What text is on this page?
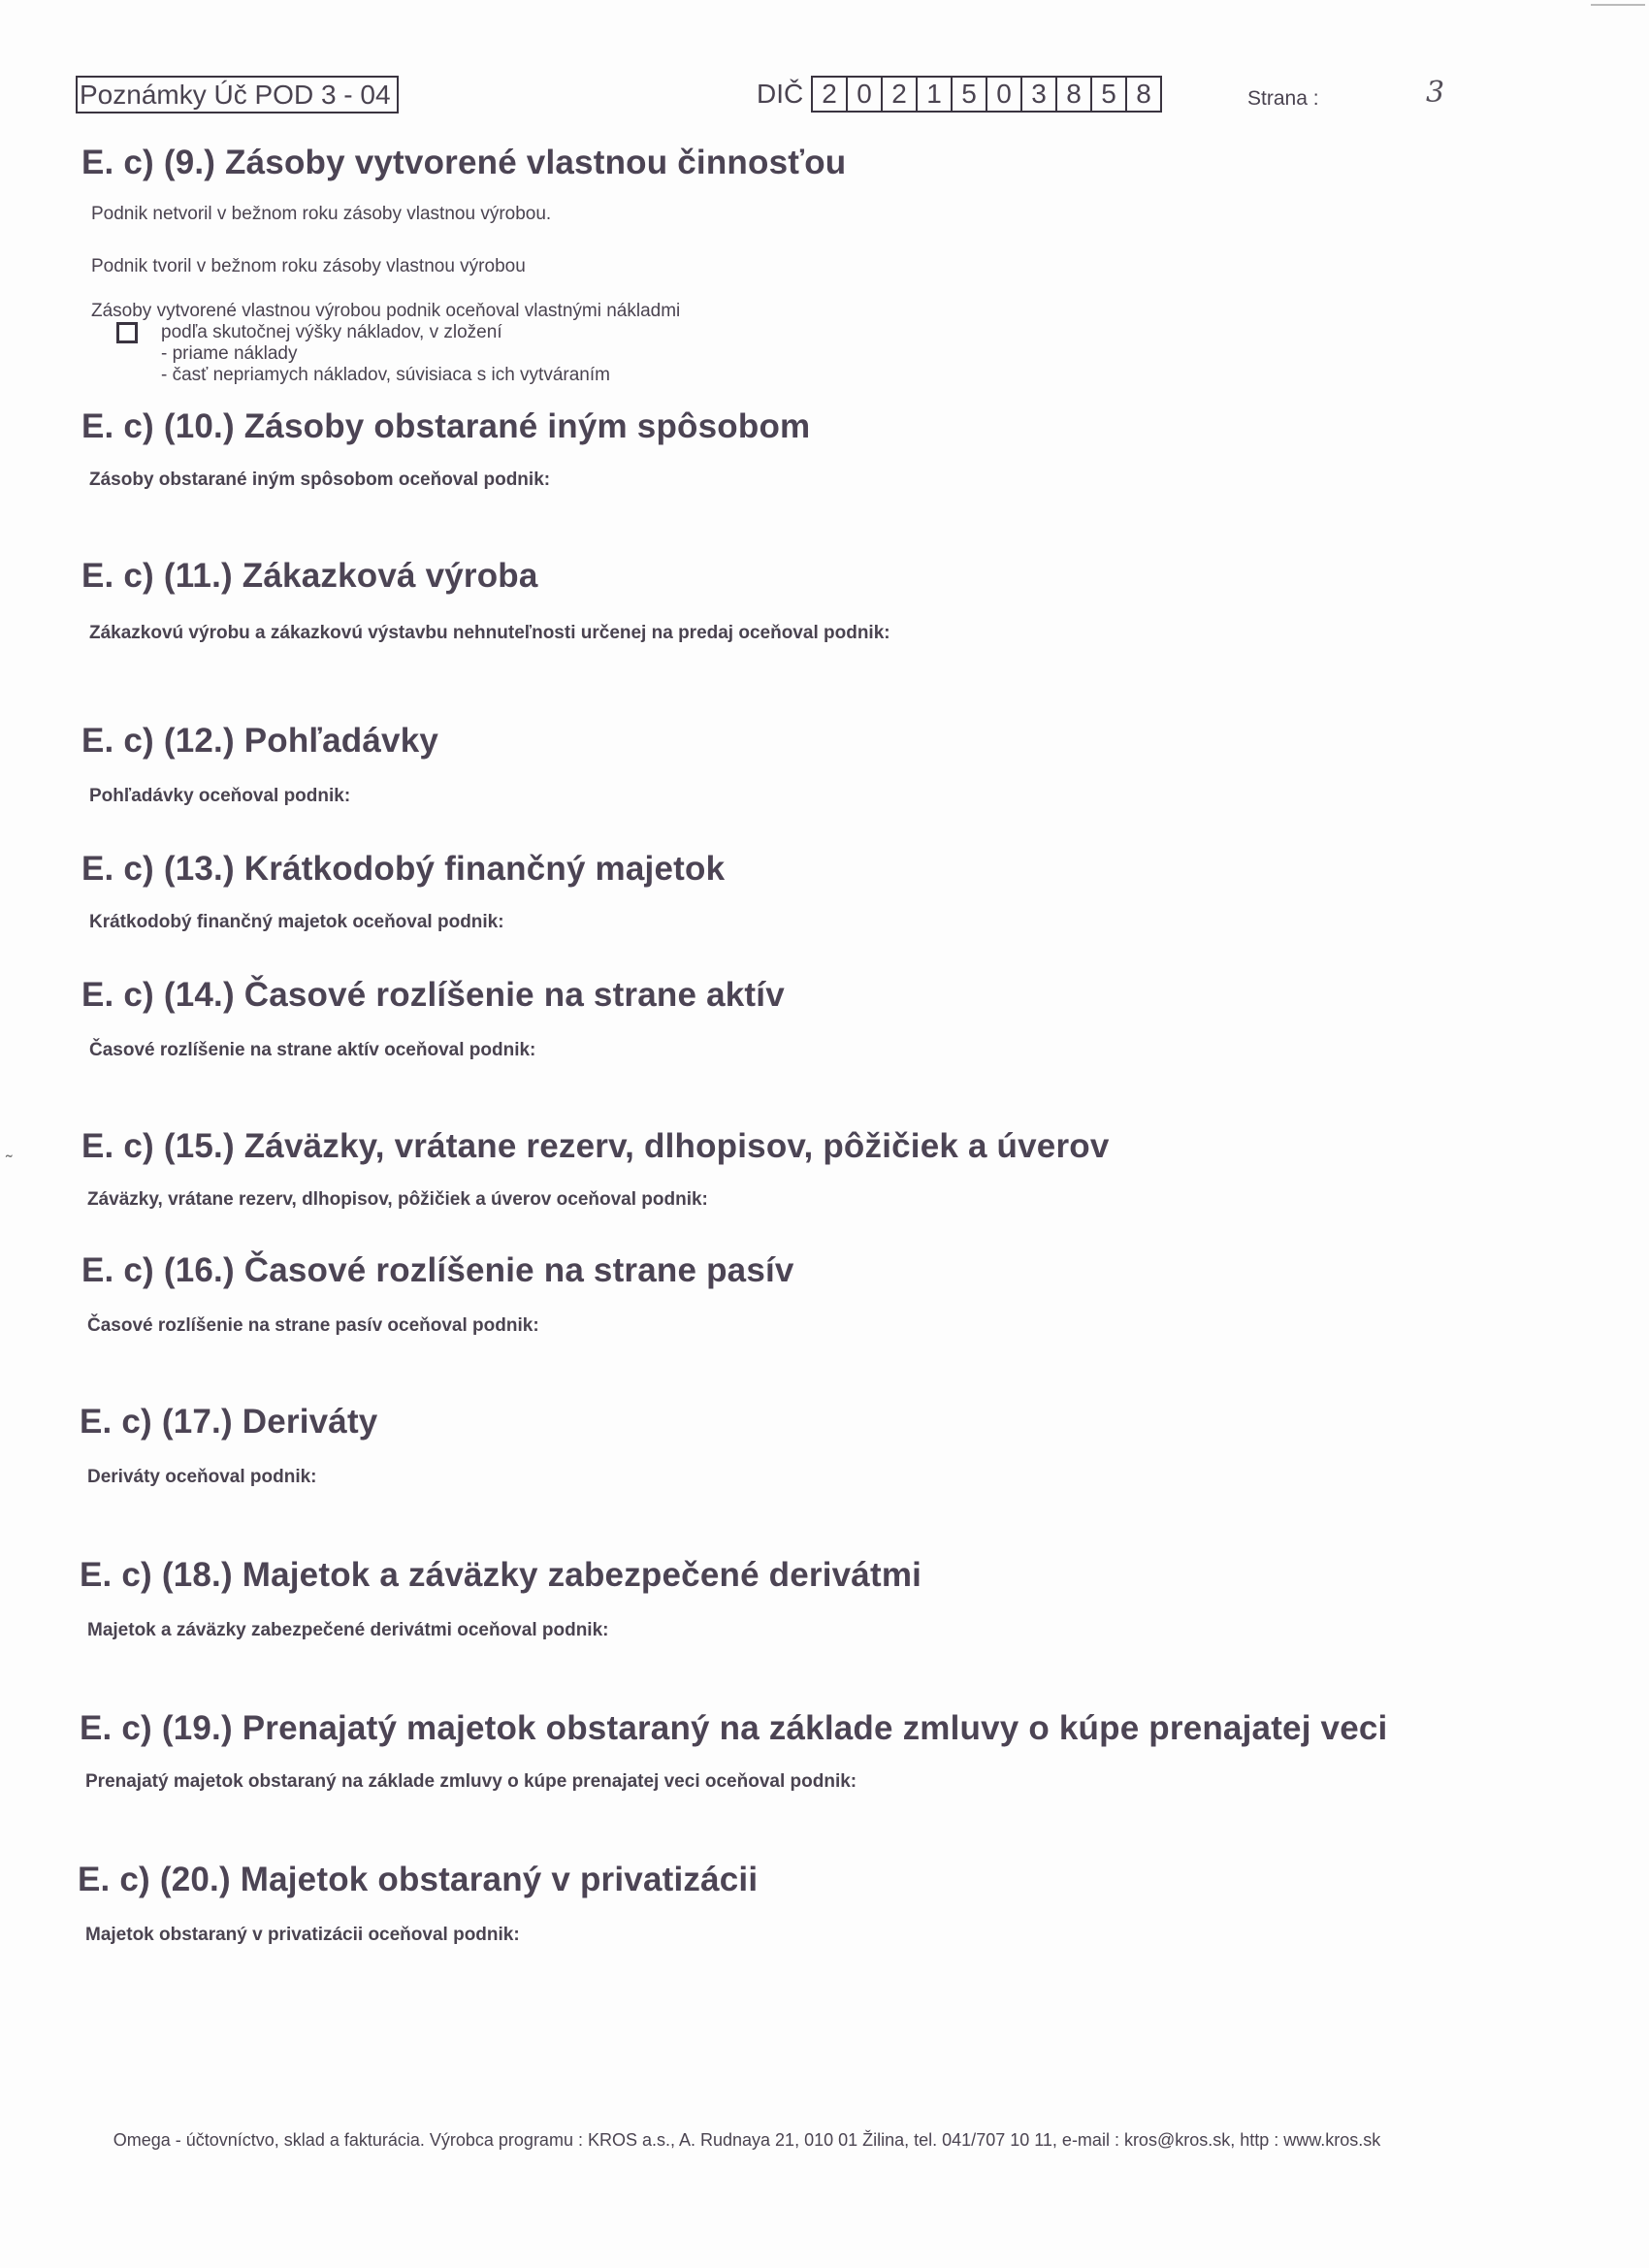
Poznámky Úč POD 3 - 04	DIČ 2 0 2 1 5 0 3 8 5 8	Strana :	3
˷
E. c) (9.) Zásoby vytvorené vlastnou činnosťou
Podnik netvoril v bežnom roku zásoby vlastnou výrobou.
Podnik tvoril v bežnom roku zásoby vlastnou výrobou
Zásoby vytvorené vlastnou výrobou podnik oceňoval vlastnými nákladmi
podľa skutočnej výšky nákladov, v zložení
- priame náklady
- časť nepriamych nákladov, súvisiaca s ich vytváraním
E. c) (10.) Zásoby obstarané iným spôsobom
Zásoby obstarané iným spôsobom oceňoval podnik:
E. c) (11.) Zákazková výroba
Zákazkovú výrobu a zákazkovú výstavbu nehnuteľnosti určenej na predaj oceňoval podnik:
E. c) (12.) Pohľadávky
Pohľadávky oceňoval podnik:
E. c) (13.) Krátkodobý finančný majetok
Krátkodobý finančný majetok oceňoval podnik:
E. c) (14.) Časové rozlíšenie na strane aktív
Časové rozlíšenie na strane aktív oceňoval podnik:
E. c) (15.) Záväzky, vrátane rezerv, dlhopisov, pôžičiek a úverov
Záväzky, vrátane rezerv, dlhopisov, pôžičiek a úverov oceňoval podnik:
E. c) (16.) Časové rozlíšenie na strane pasív
Časové rozlíšenie na strane pasív oceňoval podnik:
E. c) (17.) Deriváty
Deriváty oceňoval podnik:
E. c) (18.) Majetok a záväzky zabezpečené derivátmi
Majetok a záväzky zabezpečené derivátmi oceňoval podnik:
E. c) (19.) Prenajatý majetok obstaraný na základe zmluvy o kúpe prenajatej veci
Prenajatý majetok obstaraný na základe zmluvy o kúpe prenajatej veci oceňoval podnik:
E. c) (20.) Majetok obstaraný v privatizácii
Majetok obstaraný v privatizácii oceňoval podnik:
Omega - účtovníctvo, sklad a fakturácia. Výrobca programu : KROS a.s., A. Rudnaya 21, 010 01 Žilina, tel. 041/707 10 11, e-mail : kros@kros.sk, http : www.kros.sk
